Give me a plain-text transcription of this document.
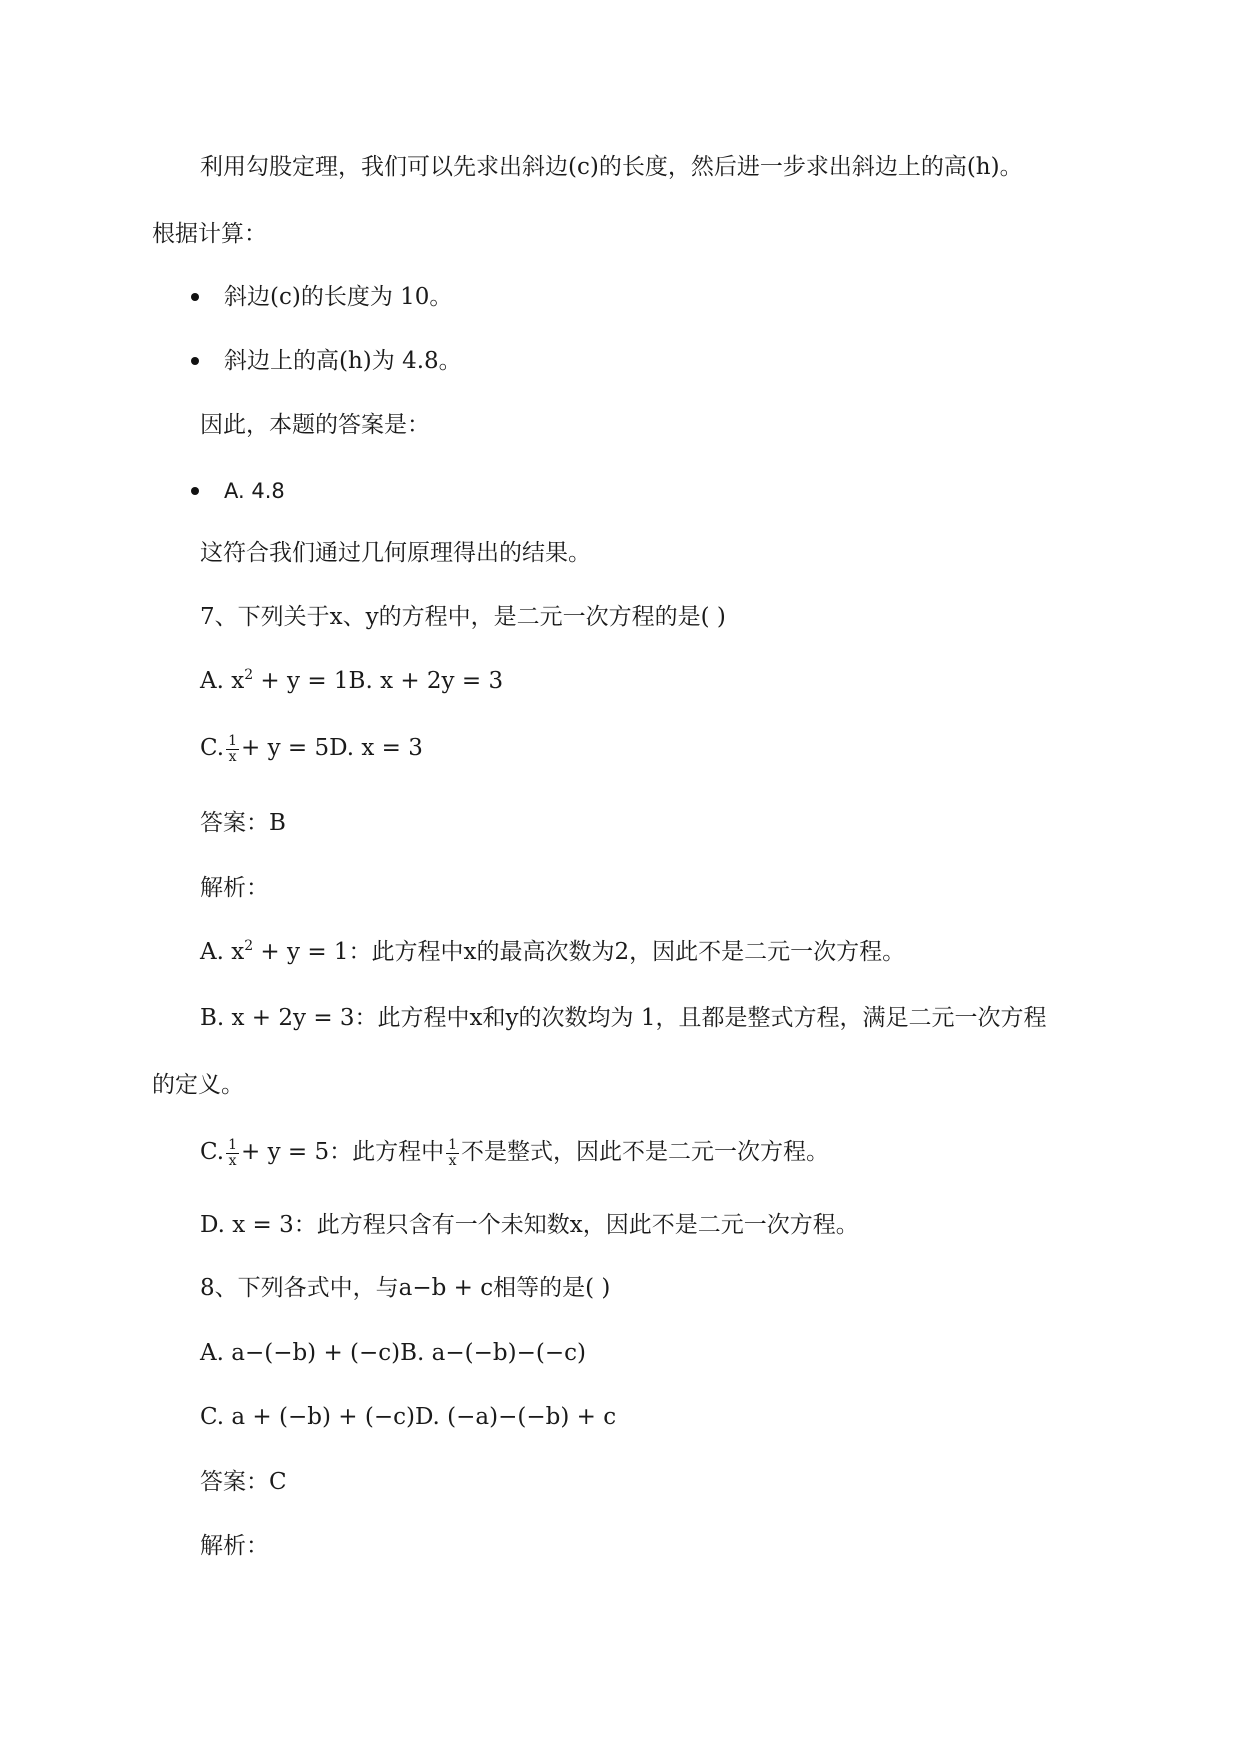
利用勾股定理，我们可以先求出斜边(c)的长度，然后进一步求出斜边上的高(h)。
根据计算：
斜边(c)的长度为 10。
斜边上的高(h)为 4.8。
因此，本题的答案是：
A. 4.8
这符合我们通过几何原理得出的结果。
7、下列关于x、y的方程中，是二元一次方程的是( )
A. $x^2 + y = 1B$. x + 2y = 3
C. $\frac{1}{x} + y = 5D$. x = 3
答案：B
解析：
A. $x^2 + y = 1$：此方程中x的最高次数为2，因此不是二元一次方程。
B. x + 2y = 3：此方程中x和y的次数均为 1，且都是整式方程，满足二元一次方程
的定义。
C. $\frac{1}{x} + y = 5$：此方程中 $\frac{1}{x}$ 不是整式，因此不是二元一次方程。
D. x = 3：此方程只含有一个未知数x，因此不是二元一次方程。
8、下列各式中，与a−b + c相等的是( )
A. a−(−b) + (−c)B. a−(−b)−(−c)
C. a + (−b) + (−c)D. (−a)−(−b) + c
答案：C
解析：
